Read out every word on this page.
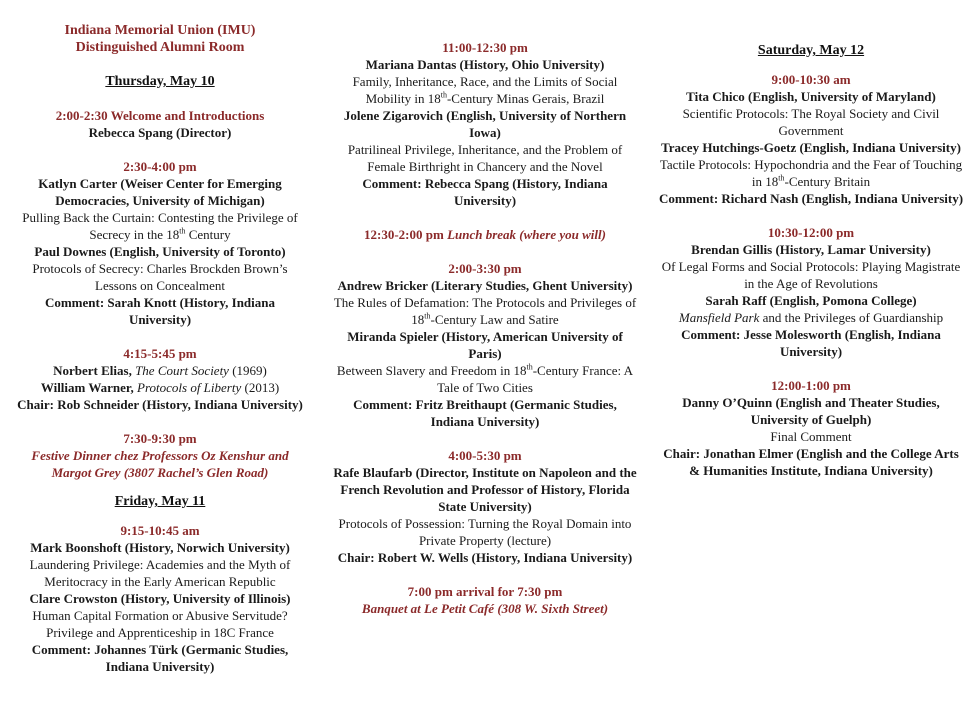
Indiana Memorial Union (IMU)
Distinguished Alumni Room
Thursday, May 10

2:00-2:30 Welcome and Introductions

Rebecca Spang (Director)

2:30-4:00 pm

Katlyn Carter (Weiser Center for Emerging Democracies, University of Michigan)

Pulling Back the Curtain: Contesting the Privilege of Secrecy in the 18th Century

Paul Downes (English, University of Toronto)

Protocols of Secrecy: Charles Brockden Brown’s Lessons on Concealment

Comment: Sarah Knott (History, Indiana University)

4:15-5:45 pm

Norbert Elias, The Court Society (1969)

William Warner, Protocols of Liberty (2013)

Chair: Rob Schneider (History, Indiana University)

7:30-9:30 pm

Festive Dinner chez Professors Oz Kenshur and Margot Grey (3807 Rachel’s Glen Road)

Friday, May 11

9:15-10:45 am

Mark Boonshoft (History, Norwich University)

Laundering Privilege: Academies and the Myth of Meritocracy in the Early American Republic

Clare Crowston (History, University of Illinois)

Human Capital Formation or Abusive Servitude? Privilege and Apprenticeship in 18C France

Comment: Johannes Türk (Germanic Studies, Indiana University)

11:00-12:30 pm

Mariana Dantas (History, Ohio University)

Family, Inheritance, Race, and the Limits of Social Mobility in 18th-Century Minas Gerais, Brazil

Jolene Zigarovich (English, University of Northern Iowa)

Patrilineal Privilege, Inheritance, and the Problem of Female Birthright in Chancery and the Novel

Comment: Rebecca Spang (History, Indiana University)

12:30-2:00 pm Lunch break (where you will)

2:00-3:30 pm

Andrew Bricker (Literary Studies, Ghent University)

The Rules of Defamation: The Protocols and Privileges of 18th-Century Law and Satire

Miranda Spieler (History, American University of Paris)

Between Slavery and Freedom in 18th-Century France: A Tale of Two Cities

Comment: Fritz Breithaupt (Germanic Studies, Indiana University)

4:00-5:30 pm

Rafe Blaufarb (Director, Institute on Napoleon and the French Revolution and Professor of History, Florida State University)

Protocols of Possession: Turning the Royal Domain into Private Property (lecture)

Chair: Robert W. Wells (History, Indiana University)

7:00 pm arrival for 7:30 pm

Banquet at Le Petit Café (308 W. Sixth Street)

Saturday, May 12

9:00-10:30 am

Tita Chico (English, University of Maryland)

Scientific Protocols: The Royal Society and Civil Government

Tracey Hutchings-Goetz (English, Indiana University)

Tactile Protocols: Hypochondria and the Fear of Touching in 18th-Century Britain

Comment: Richard Nash (English, Indiana University)

10:30-12:00 pm

Brendan Gillis (History, Lamar University)

Of Legal Forms and Social Protocols: Playing Magistrate in the Age of Revolutions

Sarah Raff (English, Pomona College)

Mansfield Park and the Privileges of Guardianship

Comment: Jesse Molesworth (English, Indiana University)

12:00-1:00 pm

Danny O’Quinn (English and Theater Studies, University of Guelph)

Final Comment

Chair: Jonathan Elmer (English and the College Arts & Humanities Institute, Indiana University)
